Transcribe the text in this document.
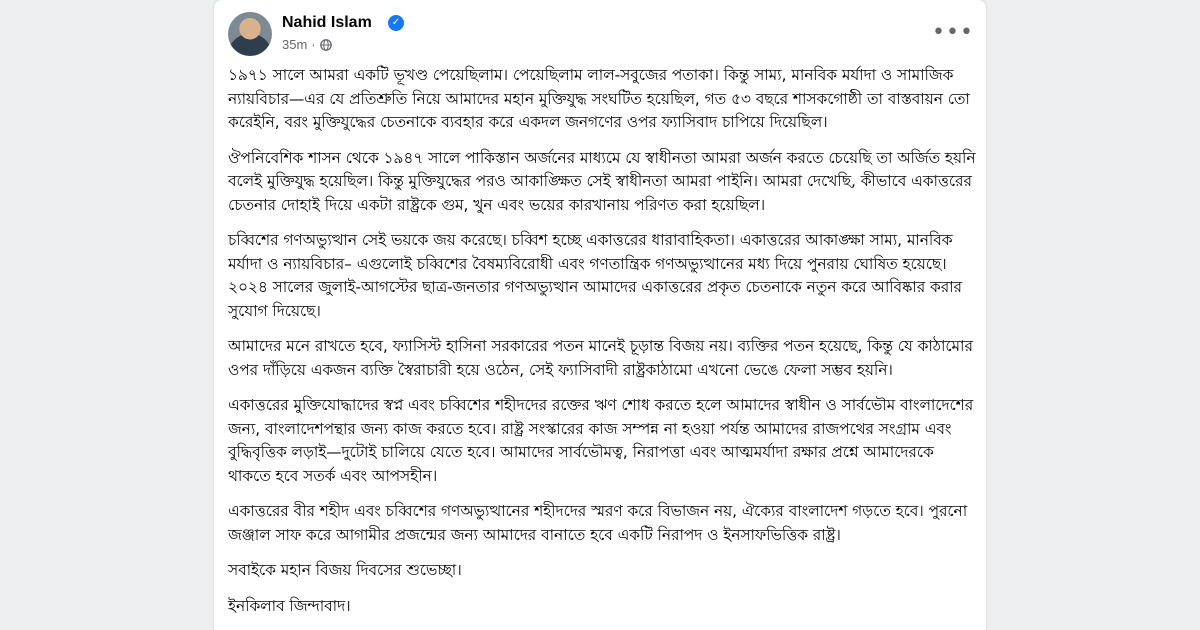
Nahid Islam	✓
35m ·	•••

১৯৭১ সালে আমরা একটি ভূখণ্ড পেয়েছিলাম। পেয়েছিলাম লাল-সবুজের পতাকা। কিন্তু সাম্য, মানবিক মর্যাদা ও সামাজিক ন্যায়বিচার—এর যে প্রতিশ্রুতি নিয়ে আমাদের মহান মুক্তিযুদ্ধ সংঘটিত হয়েছিল, গত ৫৩ বছরে শাসকগোষ্ঠী তা বাস্তবায়ন তো করেইনি, বরং মুক্তিযুদ্ধের চেতনাকে ব্যবহার করে একদল জনগণের ওপর ফ্যাসিবাদ চাপিয়ে দিয়েছিল।

ঔপনিবেশিক শাসন থেকে ১৯৪৭ সালে পাকিস্তান অর্জনের মাধ্যমে যে স্বাধীনতা আমরা অর্জন করতে চেয়েছি তা অর্জিত হয়নি বলেই মুক্তিযুদ্ধ হয়েছিল। কিন্তু মুক্তিযুদ্ধের পরও আকাঙ্ক্ষিত সেই স্বাধীনতা আমরা পাইনি। আমরা দেখেছি, কীভাবে একাত্তরের চেতনার দোহাই দিয়ে একটা রাষ্ট্রকে গুম, খুন এবং ভয়ের কারখানায় পরিণত করা হয়েছিল।

চব্বিশের গণঅভ্যুত্থান সেই ভয়কে জয় করেছে। চব্বিশ হচ্ছে একাত্তরের ধারাবাহিকতা। একাত্তরের আকাঙ্ক্ষা সাম্য, মানবিক মর্যাদা ও ন্যায়বিচার– এগুলোই চব্বিশের বৈষম্যবিরোধী এবং গণতান্ত্রিক গণঅভ্যুত্থানের মধ্য দিয়ে পুনরায় ঘোষিত হয়েছে। ২০২৪ সালের জুলাই-আগস্টের ছাত্র-জনতার গণঅভ্যুত্থান আমাদের একাত্তরের প্রকৃত চেতনাকে নতুন করে আবিষ্কার করার সুযোগ দিয়েছে।

আমাদের মনে রাখতে হবে, ফ্যাসিস্ট হাসিনা সরকারের পতন মানেই চূড়ান্ত বিজয় নয়। ব্যক্তির পতন হয়েছে, কিন্তু যে কাঠামোর ওপর দাঁড়িয়ে একজন ব্যক্তি স্বৈরাচারী হয়ে ওঠেন, সেই ফ্যাসিবাদী রাষ্ট্রকাঠামো এখনো ভেঙে ফেলা সম্ভব হয়নি।

একাত্তরের মুক্তিযোদ্ধাদের স্বপ্ন এবং চব্বিশের শহীদদের রক্তের ঋণ শোধ করতে হলে আমাদের স্বাধীন ও সার্বভৌম বাংলাদেশের জন্য, বাংলাদেশপন্থার জন্য কাজ করতে হবে। রাষ্ট্র সংস্কারের কাজ সম্পন্ন না হওয়া পর্যন্ত আমাদের রাজপথের সংগ্রাম এবং বুদ্ধিবৃত্তিক লড়াই—দুটোই চালিয়ে যেতে হবে। আমাদের সার্বভৌমত্ব, নিরাপত্তা এবং আত্মমর্যাদা রক্ষার প্রশ্নে আমাদেরকে থাকতে হবে সতর্ক এবং আপসহীন।

একাত্তরের বীর শহীদ এবং চব্বিশের গণঅভ্যুত্থানের শহীদদের স্মরণ করে বিভাজন নয়, ঐক্যের বাংলাদেশ গড়তে হবে। পুরনো জঞ্জাল সাফ করে আগামীর প্রজন্মের জন্য আমাদের বানাতে হবে একটি নিরাপদ ও ইনসাফভিত্তিক রাষ্ট্র।

সবাইকে মহান বিজয় দিবসের শুভেচ্ছা।

ইনকিলাব জিন্দাবাদ।
